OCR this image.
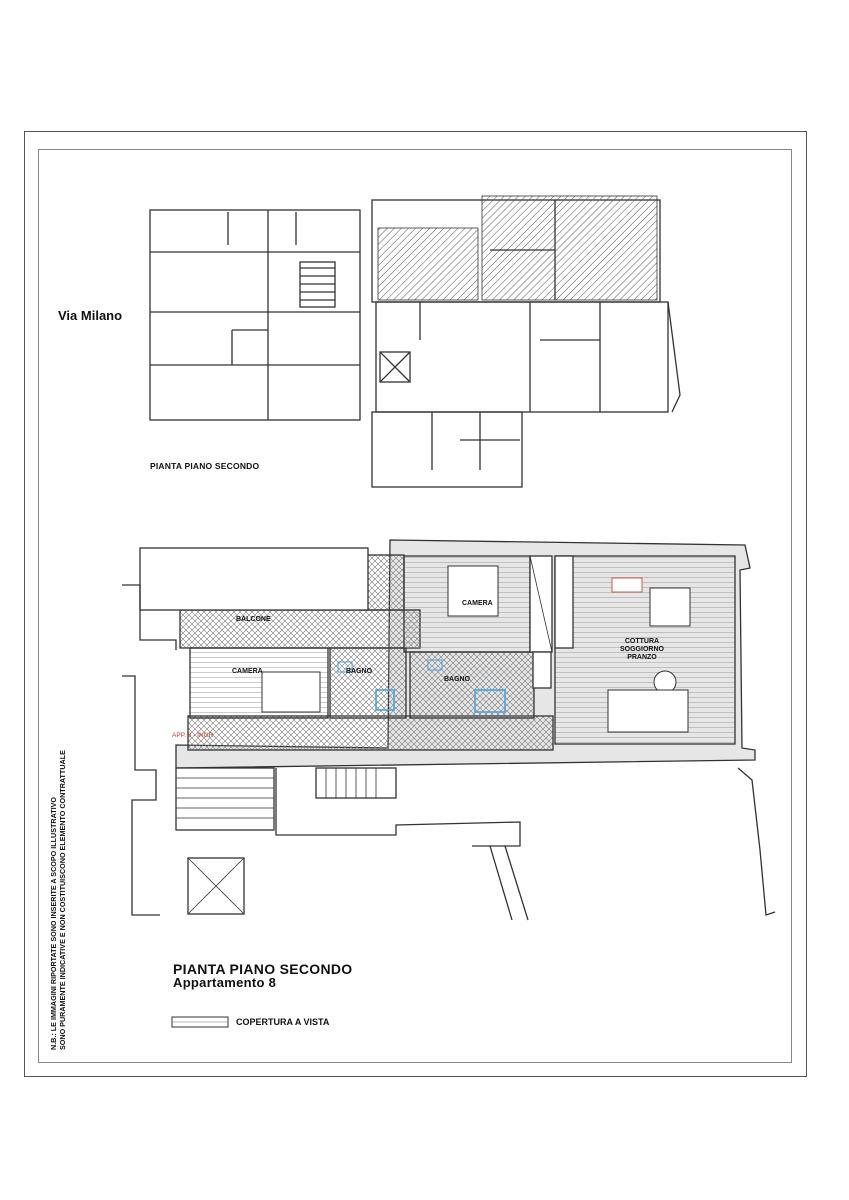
Via Milano
PIANTA PIANO SECONDO
CAMERA
CAMERA
BALCONE
BAGNO
BAGNO
COTTURA
SOGGIORNO
PRANZO
APP. 8 - INGR.
PIANTA PIANO SECONDO
Appartamento 8
COPERTURA A VISTA
N.B.: LE IMMAGINI RIPORTATE SONO INSERITE A SCOPO ILLUSTRATIVO SONO PURAMENTE INDICATIVE E NON COSTITUISCONO ELEMENTO CONTRATTUALE
